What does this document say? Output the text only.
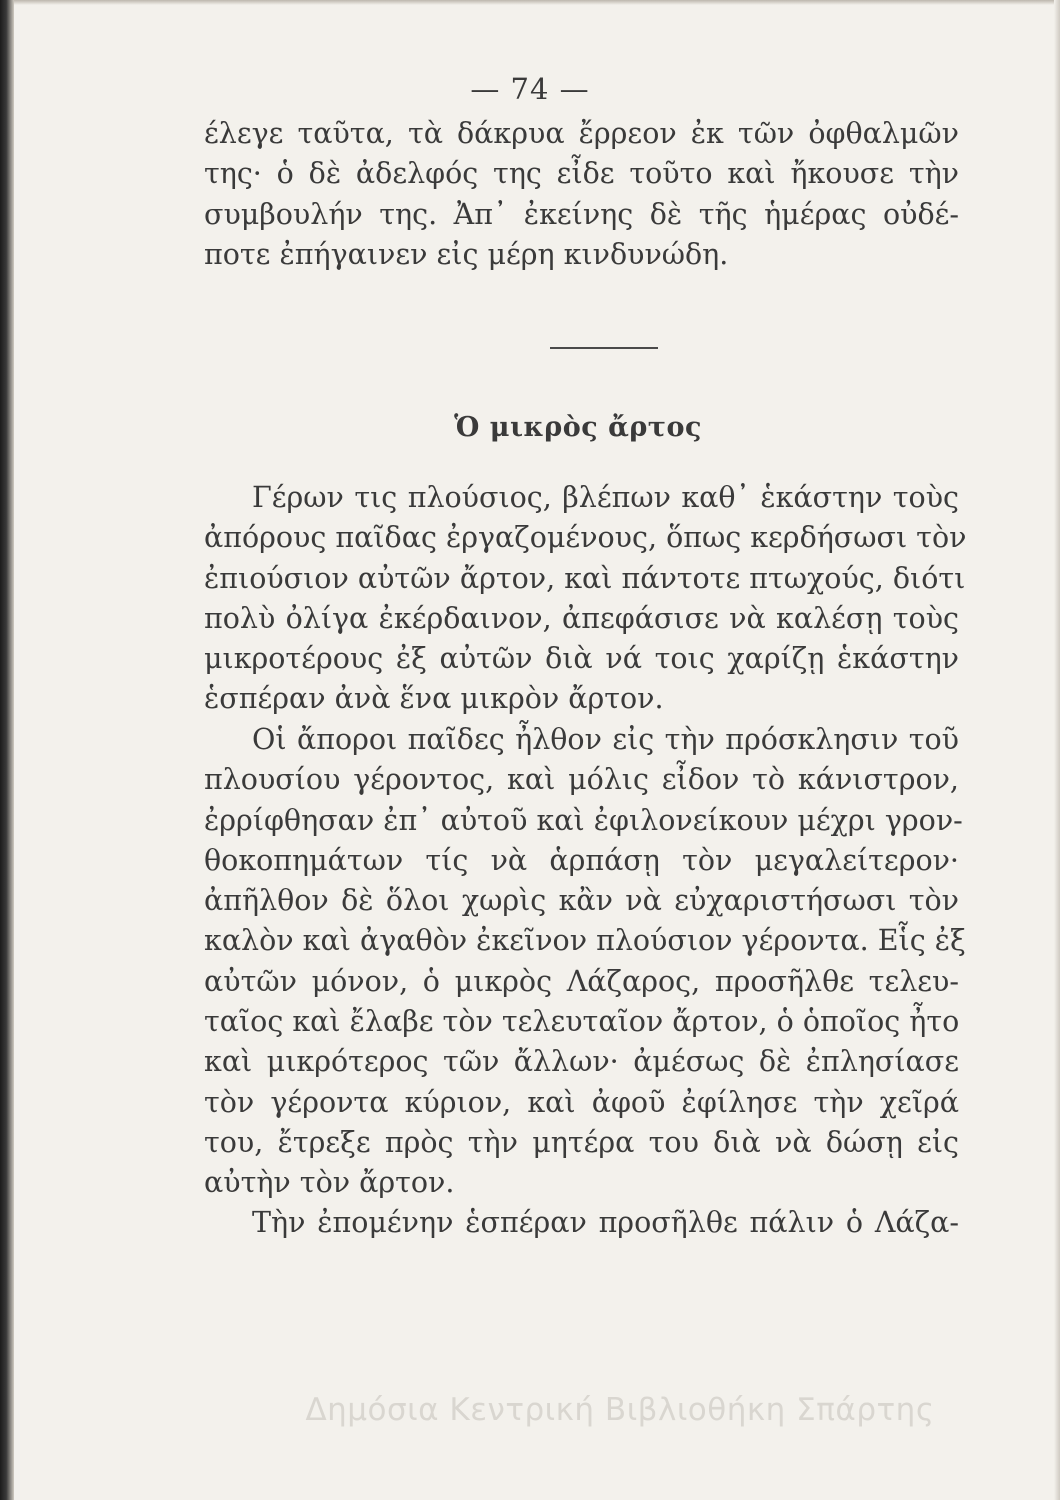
— 74 —
έλεγε ταῦτα, τὰ δάκρυα ἔρρεον ἐκ τῶν ὀφθαλμῶν
της· ὁ δὲ ἀδελφός της εἶδε τοῦτο καὶ ἤκουσε τὴν
συμβουλήν της. Ἀπ᾽ ἐκείνης δὲ τῆς ἡμέρας οὐδέ-
ποτε ἐπήγαινεν εἰς μέρη κινδυνώδη.
Ὁ μικρὸς ἄρτος
Γέρων τις πλούσιος, βλέπων καθ᾽ ἑκάστην τοὺς
ἀπόρους παῖδας ἐργαζομένους, ὅπως κερδήσωσι τὸν
ἐπιούσιον αὐτῶν ἄρτον, καὶ πάντοτε πτωχούς, διότι
πολὺ ὀλίγα ἐκέρδαινον, ἀπεφάσισε νὰ καλέσῃ τοὺς
μικροτέρους ἐξ αὐτῶν διὰ νά τοις χαρίζῃ ἑκάστην
ἑσπέραν ἀνὰ ἕνα μικρὸν ἄρτον.
Οἱ ἄποροι παῖδες ἦλθον εἰς τὴν πρόσκλησιν τοῦ
πλουσίου γέροντος, καὶ μόλις εἶδον τὸ κάνιστρον,
ἐρρίφθησαν ἐπ᾽ αὐτοῦ καὶ ἐφιλονείκουν μέχρι γρον-
θοκοπημάτων τίς νὰ ἁρπάσῃ τὸν μεγαλείτερον·
ἀπῆλθον δὲ ὅλοι χωρὶς κἂν νὰ εὐχαριστήσωσι τὸν
καλὸν καὶ ἀγαθὸν ἐκεῖνον πλούσιον γέροντα. Εἷς ἐξ
αὐτῶν μόνον, ὁ μικρὸς Λάζαρος, προσῆλθε τελευ-
ταῖος καὶ ἔλαβε τὸν τελευταῖον ἄρτον, ὁ ὁποῖος ἦτο
καὶ μικρότερος τῶν ἄλλων· ἀμέσως δὲ ἐπλησίασε
τὸν γέροντα κύριον, καὶ ἀφοῦ ἐφίλησε τὴν χεῖρά
του, ἔτρεξε πρὸς τὴν μητέρα του διὰ νὰ δώσῃ εἰς
αὐτὴν τὸν ἄρτον.
Τὴν ἐπομένην ἑσπέραν προσῆλθε πάλιν ὁ Λάζα-
Δημόσια Κεντρική Βιβλιοθήκη Σπάρτης
